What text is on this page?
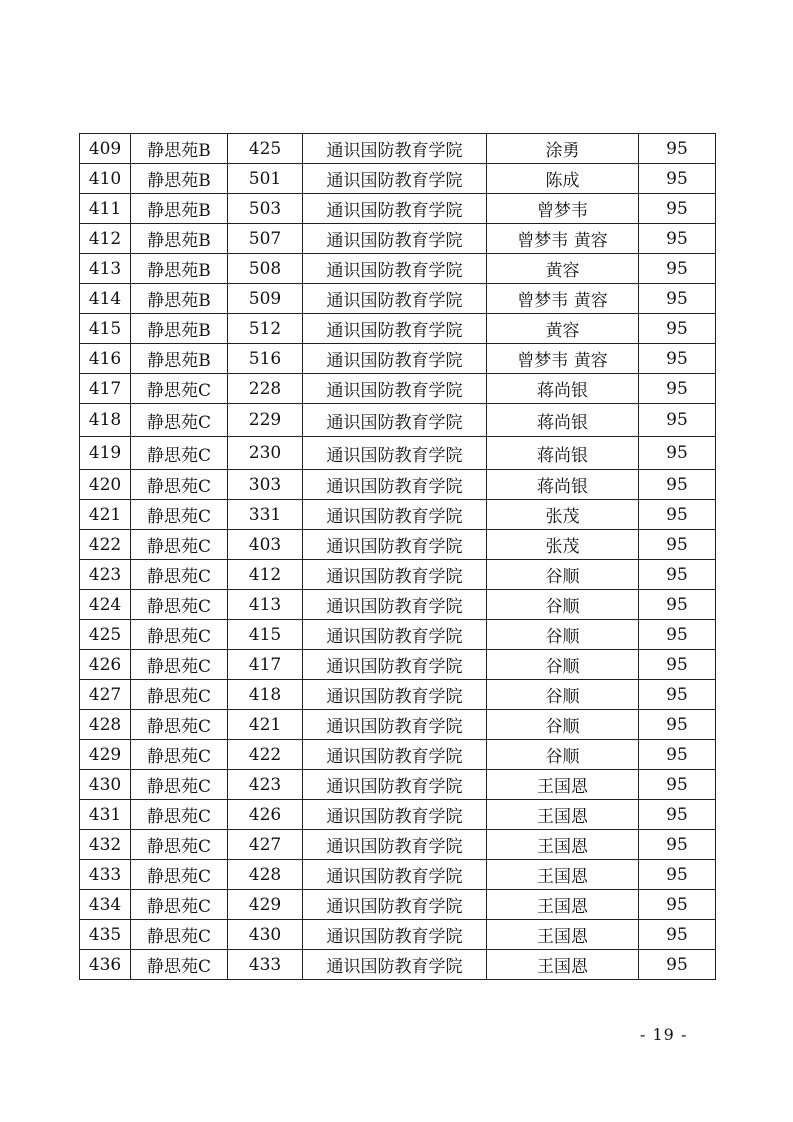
409	静思苑B	425	通识国防教育学院	涂勇	95
410	静思苑B	501	通识国防教育学院	陈成	95
411	静思苑B	503	通识国防教育学院	曾梦韦	95
412	静思苑B	507	通识国防教育学院	曾梦韦 黄容	95
413	静思苑B	508	通识国防教育学院	黄容	95
414	静思苑B	509	通识国防教育学院	曾梦韦 黄容	95
415	静思苑B	512	通识国防教育学院	黄容	95
416	静思苑B	516	通识国防教育学院	曾梦韦 黄容	95
417	静思苑C	228	通识国防教育学院	蒋尚银	95
418	静思苑C	229	通识国防教育学院	蒋尚银	95
419	静思苑C	230	通识国防教育学院	蒋尚银	95
420	静思苑C	303	通识国防教育学院	蒋尚银	95
421	静思苑C	331	通识国防教育学院	张茂	95
422	静思苑C	403	通识国防教育学院	张茂	95
423	静思苑C	412	通识国防教育学院	谷顺	95
424	静思苑C	413	通识国防教育学院	谷顺	95
425	静思苑C	415	通识国防教育学院	谷顺	95
426	静思苑C	417	通识国防教育学院	谷顺	95
427	静思苑C	418	通识国防教育学院	谷顺	95
428	静思苑C	421	通识国防教育学院	谷顺	95
429	静思苑C	422	通识国防教育学院	谷顺	95
430	静思苑C	423	通识国防教育学院	王国恩	95
431	静思苑C	426	通识国防教育学院	王国恩	95
432	静思苑C	427	通识国防教育学院	王国恩	95
433	静思苑C	428	通识国防教育学院	王国恩	95
434	静思苑C	429	通识国防教育学院	王国恩	95
435	静思苑C	430	通识国防教育学院	王国恩	95
436	静思苑C	433	通识国防教育学院	王国恩	95
- 19 -
